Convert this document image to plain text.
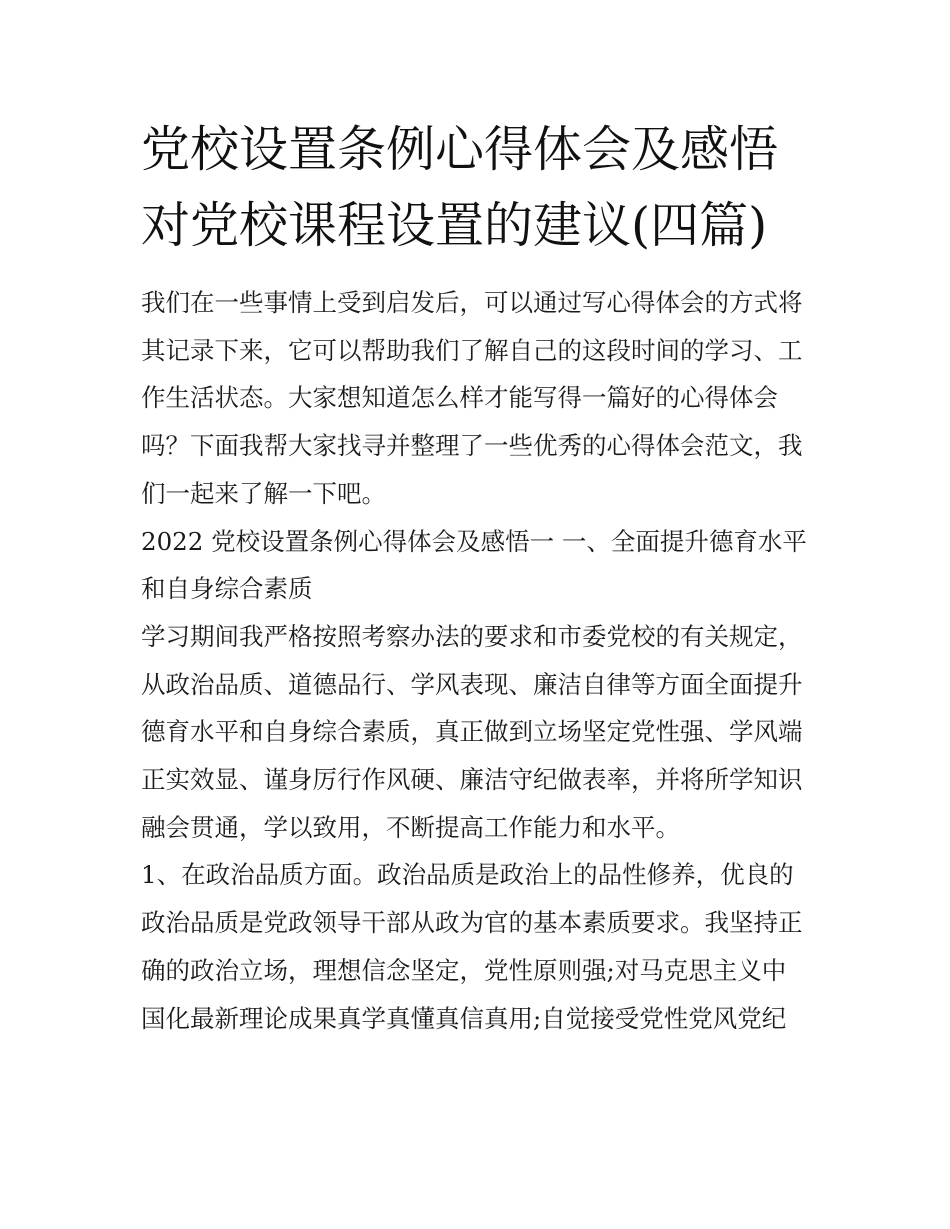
党校设置条例心得体会及感悟
对党校课程设置的建议(四篇)

我们在一些事情上受到启发后，可以通过写心得体会的方式将
其记录下来，它可以帮助我们了解自己的这段时间的学习、工
作生活状态。大家想知道怎么样才能写得一篇好的心得体会
吗？下面我帮大家找寻并整理了一些优秀的心得体会范文，我
们一起来了解一下吧。

2022 党校设置条例心得体会及感悟一 一、全面提升德育水平
和自身综合素质

学习期间我严格按照考察办法的要求和市委党校的有关规定，
从政治品质、道德品行、学风表现、廉洁自律等方面全面提升
德育水平和自身综合素质，真正做到立场坚定党性强、学风端
正实效显、谨身厉行作风硬、廉洁守纪做表率，并将所学知识
融会贯通，学以致用，不断提高工作能力和水平。

1、在政治品质方面。政治品质是政治上的品性修养，优良的
政治品质是党政领导干部从政为官的基本素质要求。我坚持正
确的政治立场，理想信念坚定，党性原则强;对马克思主义中
国化最新理论成果真学真懂真信真用;自觉接受党性党风党纪
